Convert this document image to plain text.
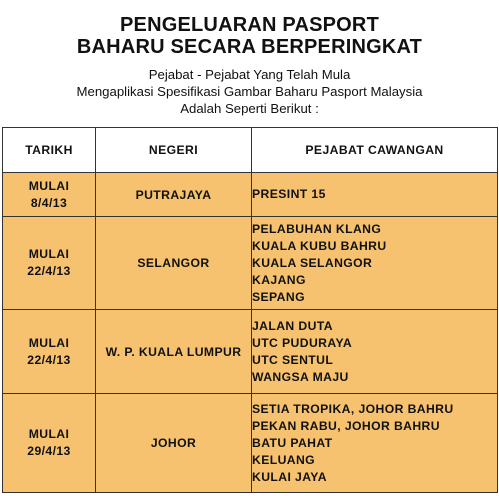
PENGELUARAN PASPORT
BAHARU SECARA BERPERINGKAT
Pejabat - Pejabat Yang Telah Mula
Mengaplikasi Spesifikasi Gambar Baharu Pasport Malaysia
Adalah Seperti Berikut :
TARIKH	NEGERI	PEJABAT CAWANGAN

MULAI
8/4/13	PUTRAJAYA	PRESINT 15

MULAI
22/4/13	SELANGOR	PELABUHAN KLANG
KUALA KUBU BAHRU
KUALA SELANGOR
KAJANG
SEPANG

MULAI
22/4/13	W. P. KUALA LUMPUR	JALAN DUTA
UTC PUDURAYA
UTC SENTUL
WANGSA MAJU

MULAI
29/4/13	JOHOR	SETIA TROPIKA, JOHOR BAHRU
PEKAN RABU, JOHOR BAHRU
BATU PAHAT
KELUANG
KULAI JAYA
